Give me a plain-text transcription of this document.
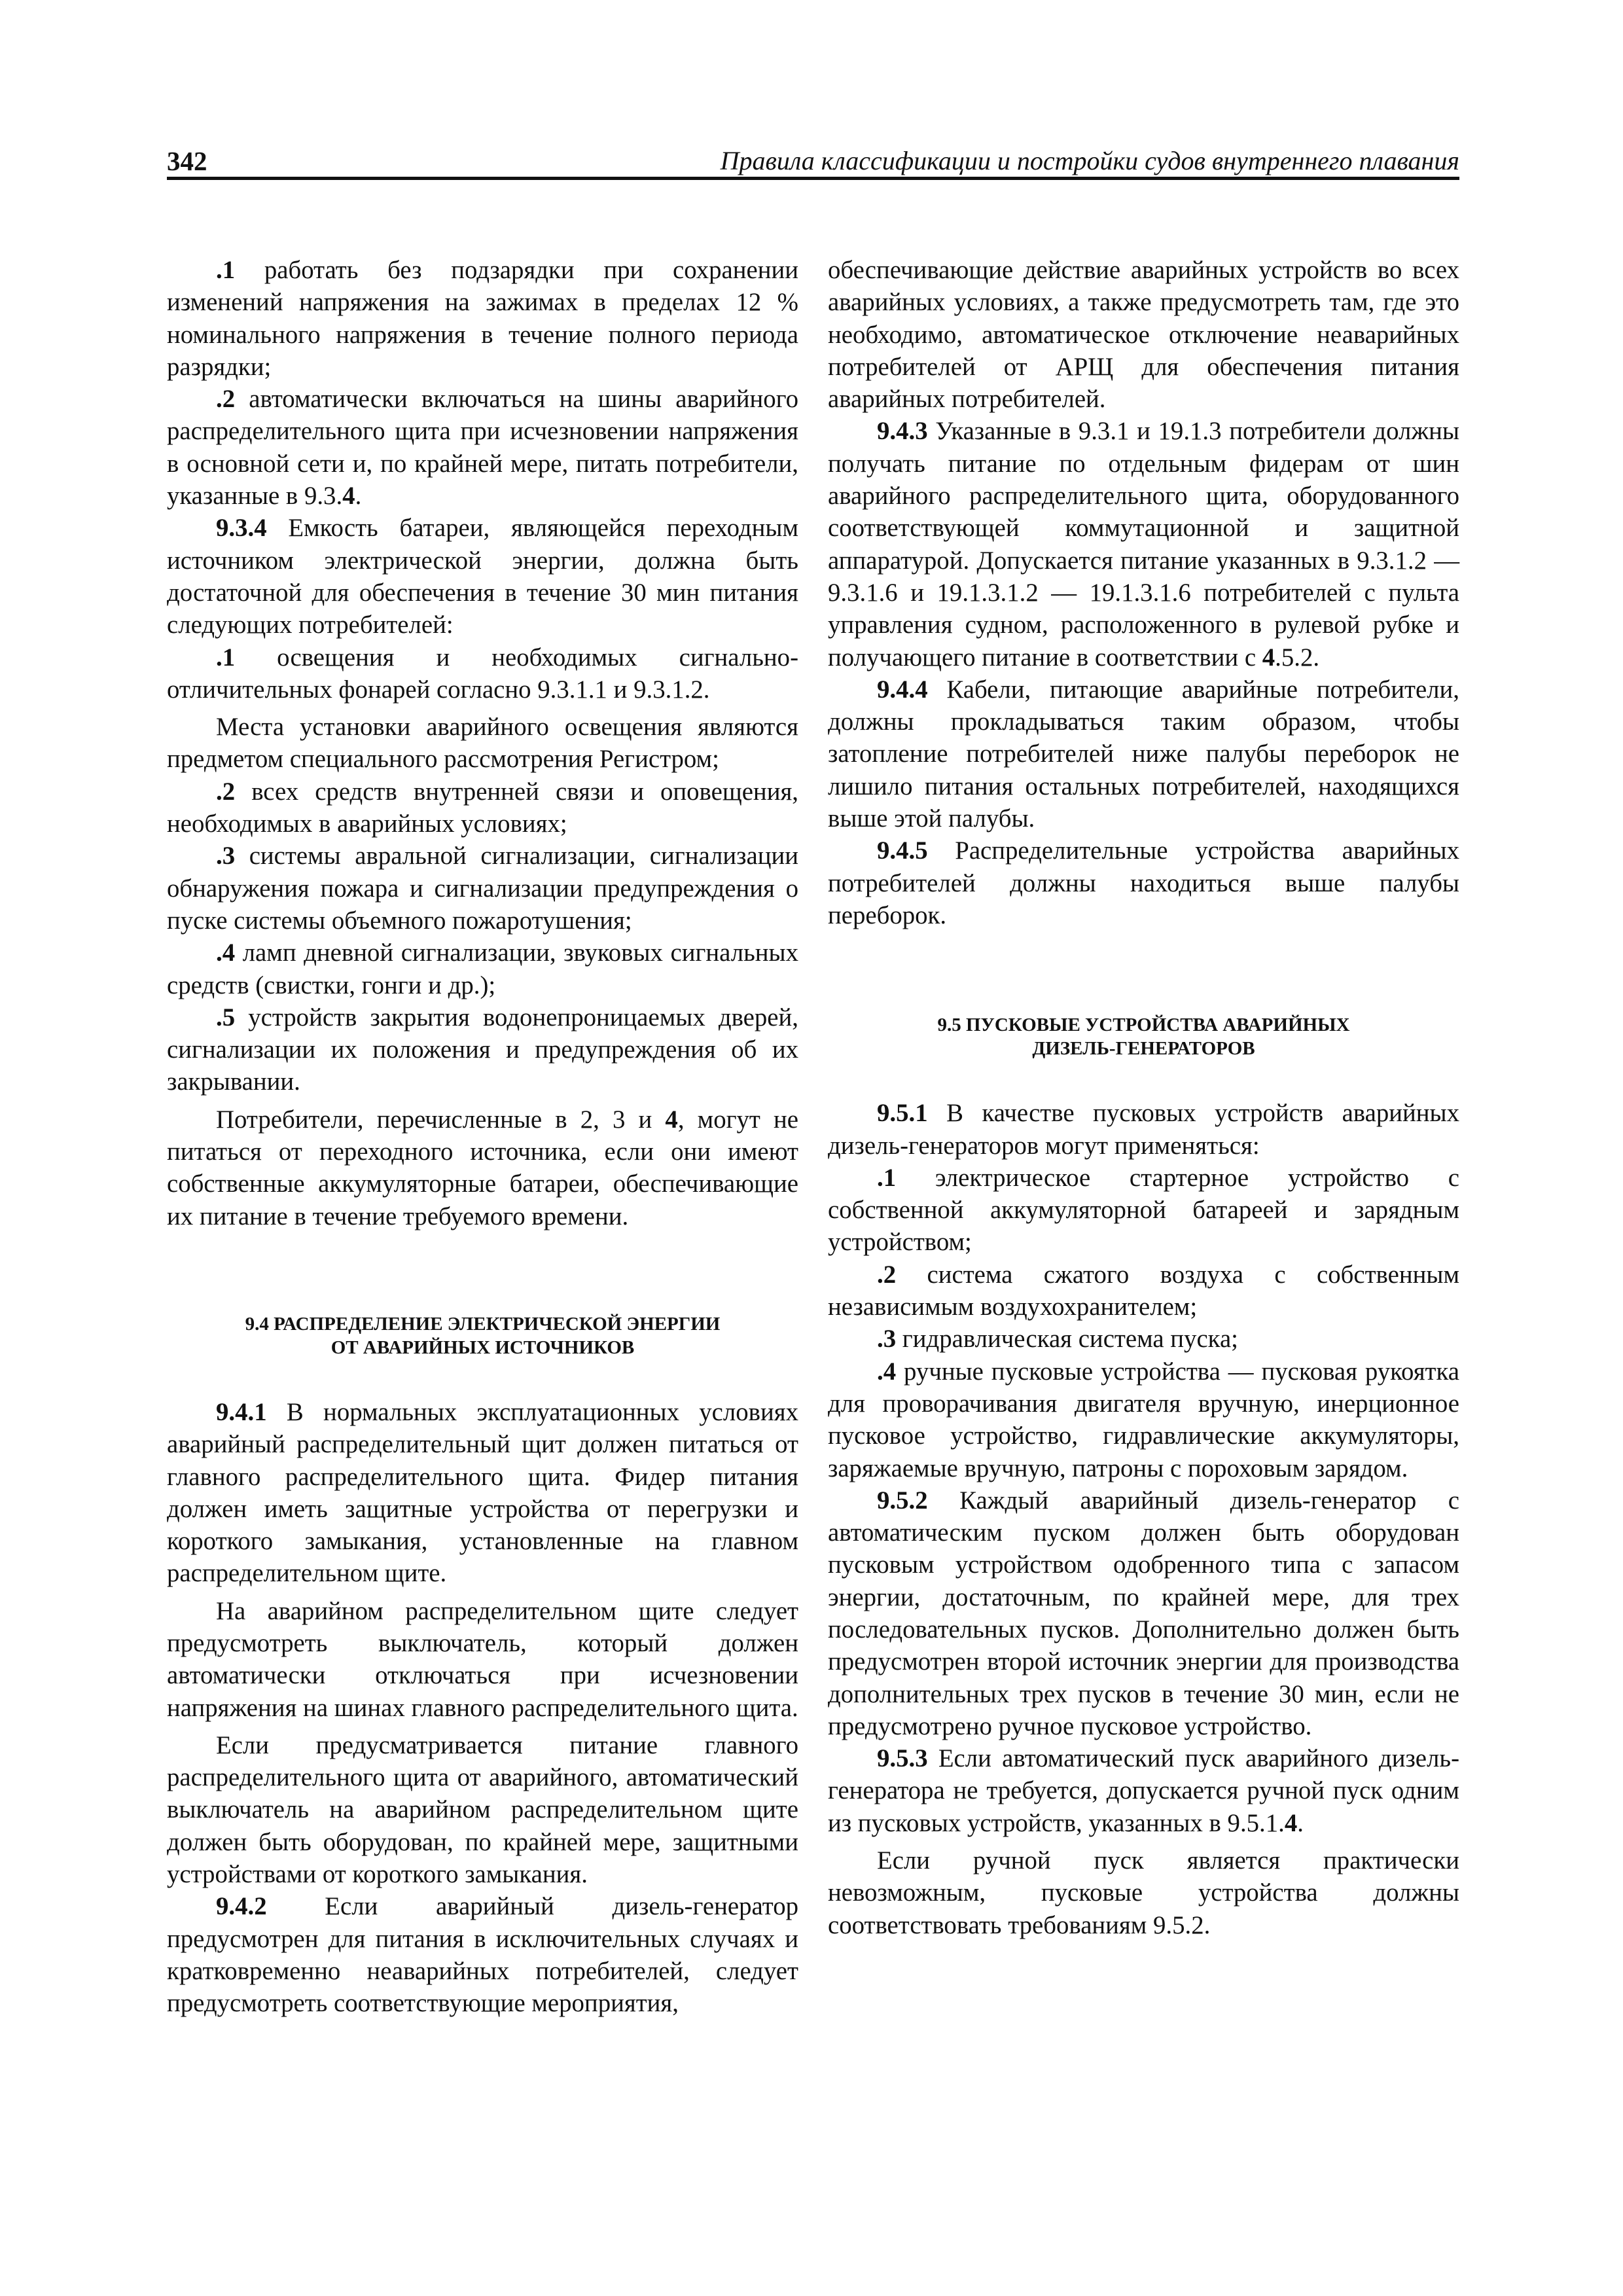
342	Правила классификации и постройки судов внутреннего плавания

.1 работать без подзарядки при сохранении изменений напряжения на зажимах в пределах 12 % номинального напряжения в течение полного периода разрядки;

.2 автоматически включаться на шины аварийного распределительного щита при исчезновении напряжения в основной сети и, по крайней мере, питать потребители, указанные в 9.3.4.

9.3.4 Емкость батареи, являющейся переходным источником электрической энергии, должна быть достаточной для обеспечения в течение 30 мин питания следующих потребителей:

.1 освещения и необходимых сигнально-отличительных фонарей согласно 9.3.1.1 и 9.3.1.2.

Места установки аварийного освещения являются предметом специального рассмотрения Регистром;

.2 всех средств внутренней связи и оповещения, необходимых в аварийных условиях;

.3 системы авральной сигнализации, сигнализации обнаружения пожара и сигнализации предупреждения о пуске системы объемного пожаротушения;

.4 ламп дневной сигнализации, звуковых сигнальных средств (свистки, гонги и др.);

.5 устройств закрытия водонепроницаемых дверей, сигнализации их положения и предупреждения об их закрывании.

Потребители, перечисленные в 2, 3 и 4, могут не питаться от переходного источника, если они имеют собственные аккумуляторные батареи, обеспечивающие их питание в течение требуемого времени.

9.4 РАСПРЕДЕЛЕНИЕ ЭЛЕКТРИЧЕСКОЙ ЭНЕРГИИ
ОТ АВАРИЙНЫХ ИСТОЧНИКОВ

9.4.1 В нормальных эксплуатационных условиях аварийный распределительный щит должен питаться от главного распределительного щита. Фидер питания должен иметь защитные устройства от перегрузки и короткого замыкания, установленные на главном распределительном щите.

На аварийном распределительном щите следует предусмотреть выключатель, который должен автоматически отключаться при исчезновении напряжения на шинах главного распределительного щита.

Если предусматривается питание главного распределительного щита от аварийного, автоматический выключатель на аварийном распределительном щите должен быть оборудован, по крайней мере, защитными устройствами от короткого замыкания.

9.4.2 Если аварийный дизель-генератор предусмотрен для питания в исключительных случаях и кратковременно неаварийных потребителей, следует предусмотреть соответствующие мероприятия,

обеспечивающие действие аварийных устройств во всех аварийных условиях, а также предусмотреть там, где это необходимо, автоматическое отключение неаварийных потребителей от АРЩ для обеспечения питания аварийных потребителей.

9.4.3 Указанные в 9.3.1 и 19.1.3 потребители должны получать питание по отдельным фидерам от шин аварийного распределительного щита, оборудованного соответствующей коммутационной и защитной аппаратурой. Допускается питание указанных в 9.3.1.2 — 9.3.1.6 и 19.1.3.1.2 — 19.1.3.1.6 потребителей с пульта управления судном, расположенного в рулевой рубке и получающего питание в соответствии с 4.5.2.

9.4.4 Кабели, питающие аварийные потребители, должны прокладываться таким образом, чтобы затопление потребителей ниже палубы переборок не лишило питания остальных потребителей, находящихся выше этой палубы.

9.4.5 Распределительные устройства аварийных потребителей должны находиться выше палубы переборок.

9.5 ПУСКОВЫЕ УСТРОЙСТВА АВАРИЙНЫХ
ДИЗЕЛЬ-ГЕНЕРАТОРОВ

9.5.1 В качестве пусковых устройств аварийных дизель-генераторов могут применяться:

.1 электрическое стартерное устройство с собственной аккумуляторной батареей и зарядным устройством;

.2 система сжатого воздуха с собственным независимым воздухохранителем;

.3 гидравлическая система пуска;

.4 ручные пусковые устройства — пусковая рукоятка для проворачивания двигателя вручную, инерционное пусковое устройство, гидравлические аккумуляторы, заряжаемые вручную, патроны с пороховым зарядом.

9.5.2 Каждый аварийный дизель-генератор с автоматическим пуском должен быть оборудован пусковым устройством одобренного типа с запасом энергии, достаточным, по крайней мере, для трех последовательных пусков. Дополнительно должен быть предусмотрен второй источник энергии для производства дополнительных трех пусков в течение 30 мин, если не предусмотрено ручное пусковое устройство.

9.5.3 Если автоматический пуск аварийного дизель-генератора не требуется, допускается ручной пуск одним из пусковых устройств, указанных в 9.5.1.4.

Если ручной пуск является практически невозможным, пусковые устройства должны соответствовать требованиям 9.5.2.
